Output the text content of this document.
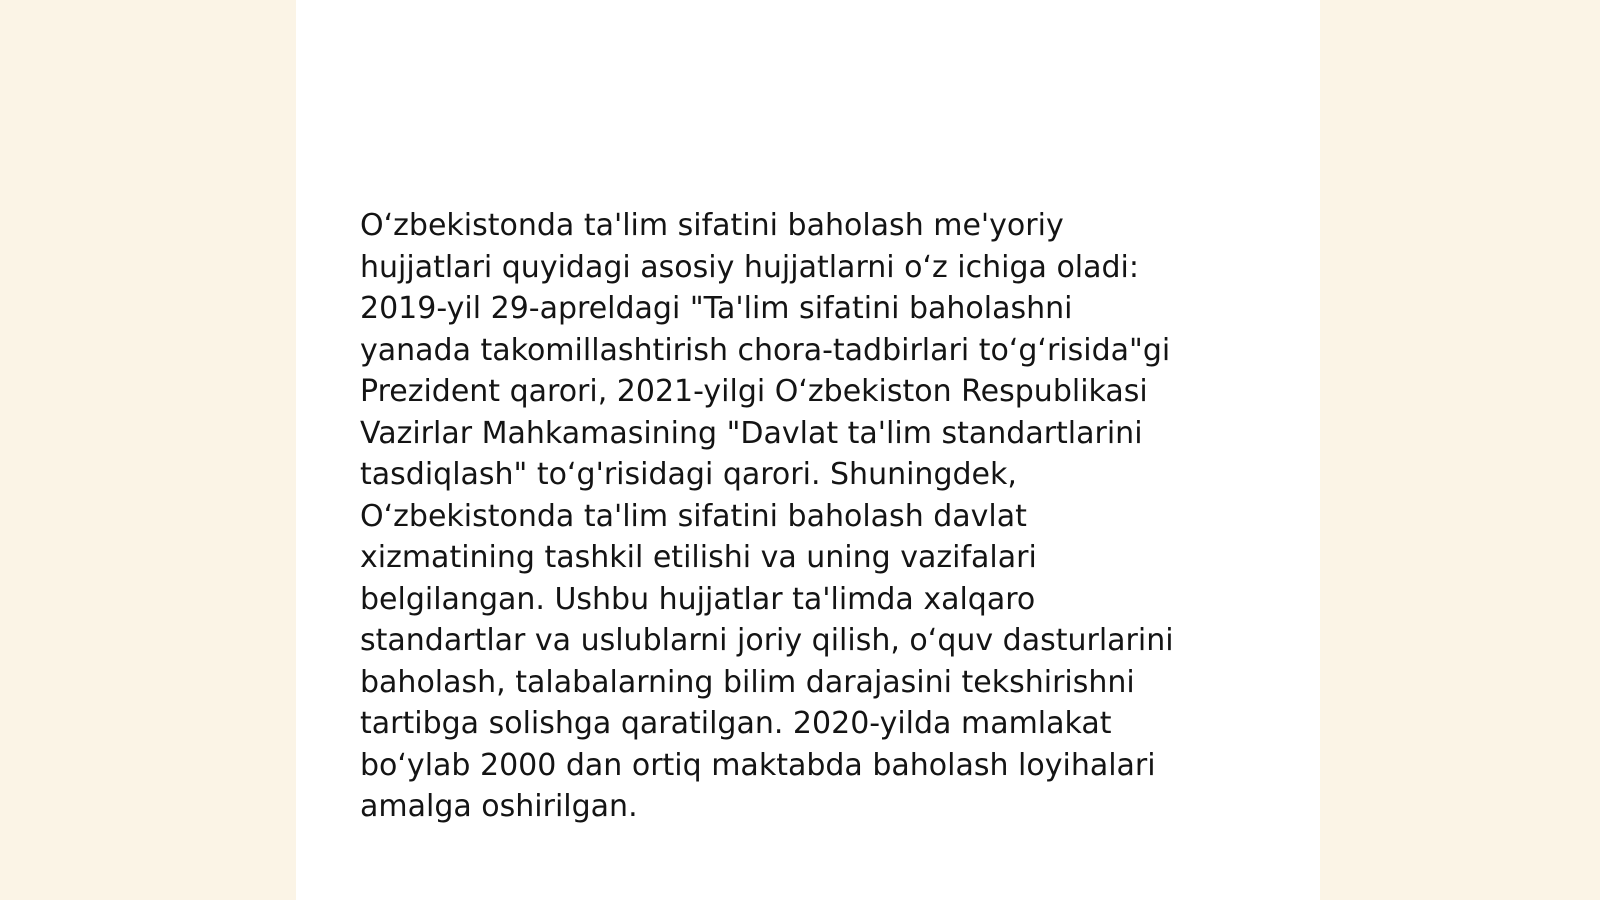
Oʻzbekistonda ta'lim sifatini baholash me'yoriy
hujjatlari quyidagi asosiy hujjatlarni oʻz ichiga oladi:
2019-yil 29-apreldagi "Ta'lim sifatini baholashni
yanada takomillashtirish chora-tadbirlari toʻgʻrisida"gi
Prezident qarori, 2021-yilgi Oʻzbekiston Respublikasi
Vazirlar Mahkamasining "Davlat ta'lim standartlarini
tasdiqlash" toʻg'risidagi qarori. Shuningdek,
Oʻzbekistonda ta'lim sifatini baholash davlat
xizmatining tashkil etilishi va uning vazifalari
belgilangan. Ushbu hujjatlar ta'limda xalqaro
standartlar va uslublarni joriy qilish, oʻquv dasturlarini
baholash, talabalarning bilim darajasini tekshirishni
tartibga solishga qaratilgan. 2020-yilda mamlakat
boʻylab 2000 dan ortiq maktabda baholash loyihalari
amalga oshirilgan.
